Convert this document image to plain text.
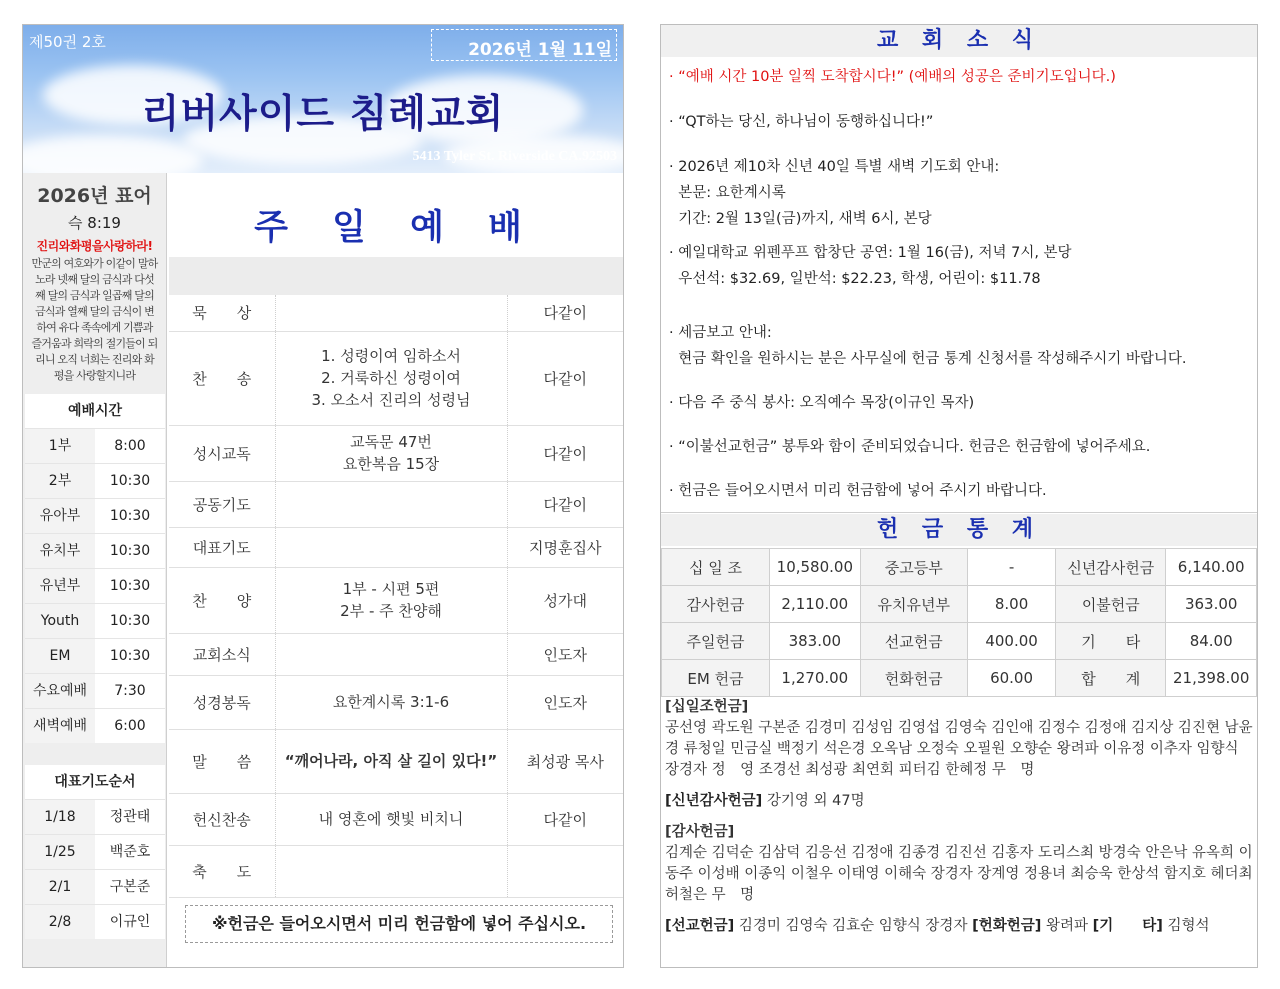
제50권 2호	2026년 1월 11일
리버사이드 침례교회
5413 Tyler St. Riverside CA.92503
2026년 표어
슥 8:19
진리와화평을사랑하라!
만군의 여호와가 이같이 말하
노라 넷째 달의 금식과 다섯
째 달의 금식과 일곱째 달의
금식과 열째 달의 금식이 변
하여 유다 족속에게 기쁨과
즐거움과 희락의 절기들이 되
리니 오직 너희는 진리와 화
평을 사랑할지니라
예배시간
1부	8:00
2부	10:30
유아부	10:30
유치부	10:30
유년부	10:30
Youth	10:30
EM	10:30
수요예배	7:30
새벽예배	6:00
대표기도순서
1/18	정관태
1/25	백준호
2/1	구본준
2/8	이규인
주 일 예 배
묵　　상		다같이
찬　　송	1. 성령이여 임하소서
2. 거룩하신 성령이여
3. 오소서 진리의 성령님	다같이
성시교독	교독문 47번
요한복음 15장	다같이
공동기도		다같이
대표기도		지명훈집사
찬　　양	1부 - 시편 5편
2부 - 주 찬양해	성가대
교회소식		인도자
성경봉독	요한계시록 3:1-6	인도자
말　　씀	“깨어나라, 아직 살 길이 있다!”	최성광 목사
헌신찬송	내 영혼에 햇빛 비치니	다같이
축　　도		
※헌금은 들어오시면서 미리 헌금함에 넣어 주십시오.
교 회 소 식
· “예배 시간 10분 일찍 도착합시다!” (예배의 성공은 준비기도입니다.)
· “QT하는 당신, 하나님이 동행하십니다!”
· 2026년 제10차 신년 40일 특별 새벽 기도회 안내:
본문: 요한계시록
기간: 2월 13일(금)까지, 새벽 6시, 본당
· 예일대학교 위펜푸프 합창단 공연: 1월 16(금), 저녁 7시, 본당
우선석: $32.69, 일반석: $22.23, 학생, 어린이: $11.78
· 세금보고 안내:
현금 확인을 원하시는 분은 사무실에 헌금 통계 신청서를 작성해주시기 바랍니다.
· 다음 주 중식 봉사: 오직예수 목장(이규인 목자)
· “이불선교헌금” 봉투와 함이 준비되었습니다. 헌금은 헌금함에 넣어주세요.
· 헌금은 들어오시면서 미리 헌금함에 넣어 주시기 바랍니다.
헌 금 통 계
십 일 조	10,580.00	중고등부	-	신년감사헌금	6,140.00
감사헌금	2,110.00	유치유년부	8.00	이불헌금	363.00
주일헌금	383.00	선교헌금	400.00	기　　타	84.00
EM 헌금	1,270.00	헌화헌금	60.00	합　　계	21,398.00
[십일조헌금]
공선영 곽도원 구본준 김경미 김성임 김영섭 김영숙 김인애 김정수 김정애 김지상 김진현 남윤경 류청일 민금실 백정기 석은경 오옥남 오정숙 오필원 오향순 왕려파 이유정 이추자 임향식 장경자 정　영 조경선 최성광 최연회 피터김 한혜정 무　명
[신년감사헌금] 강기영 외 47명
[감사헌금]
김계순 김덕순 김삼덕 김응선 김정애 김종경 김진선 김홍자 도리스최 방경숙 안은낙 유옥희 이동주 이성배 이종익 이철우 이태영 이해숙 장경자 장계영 정용녀 최승욱 한상석 함지호 헤더최 허철은 무　명
[선교헌금] 김경미 김영숙 김효순 임향식 장경자 [헌화헌금] 왕려파 [기　　타] 김형석
